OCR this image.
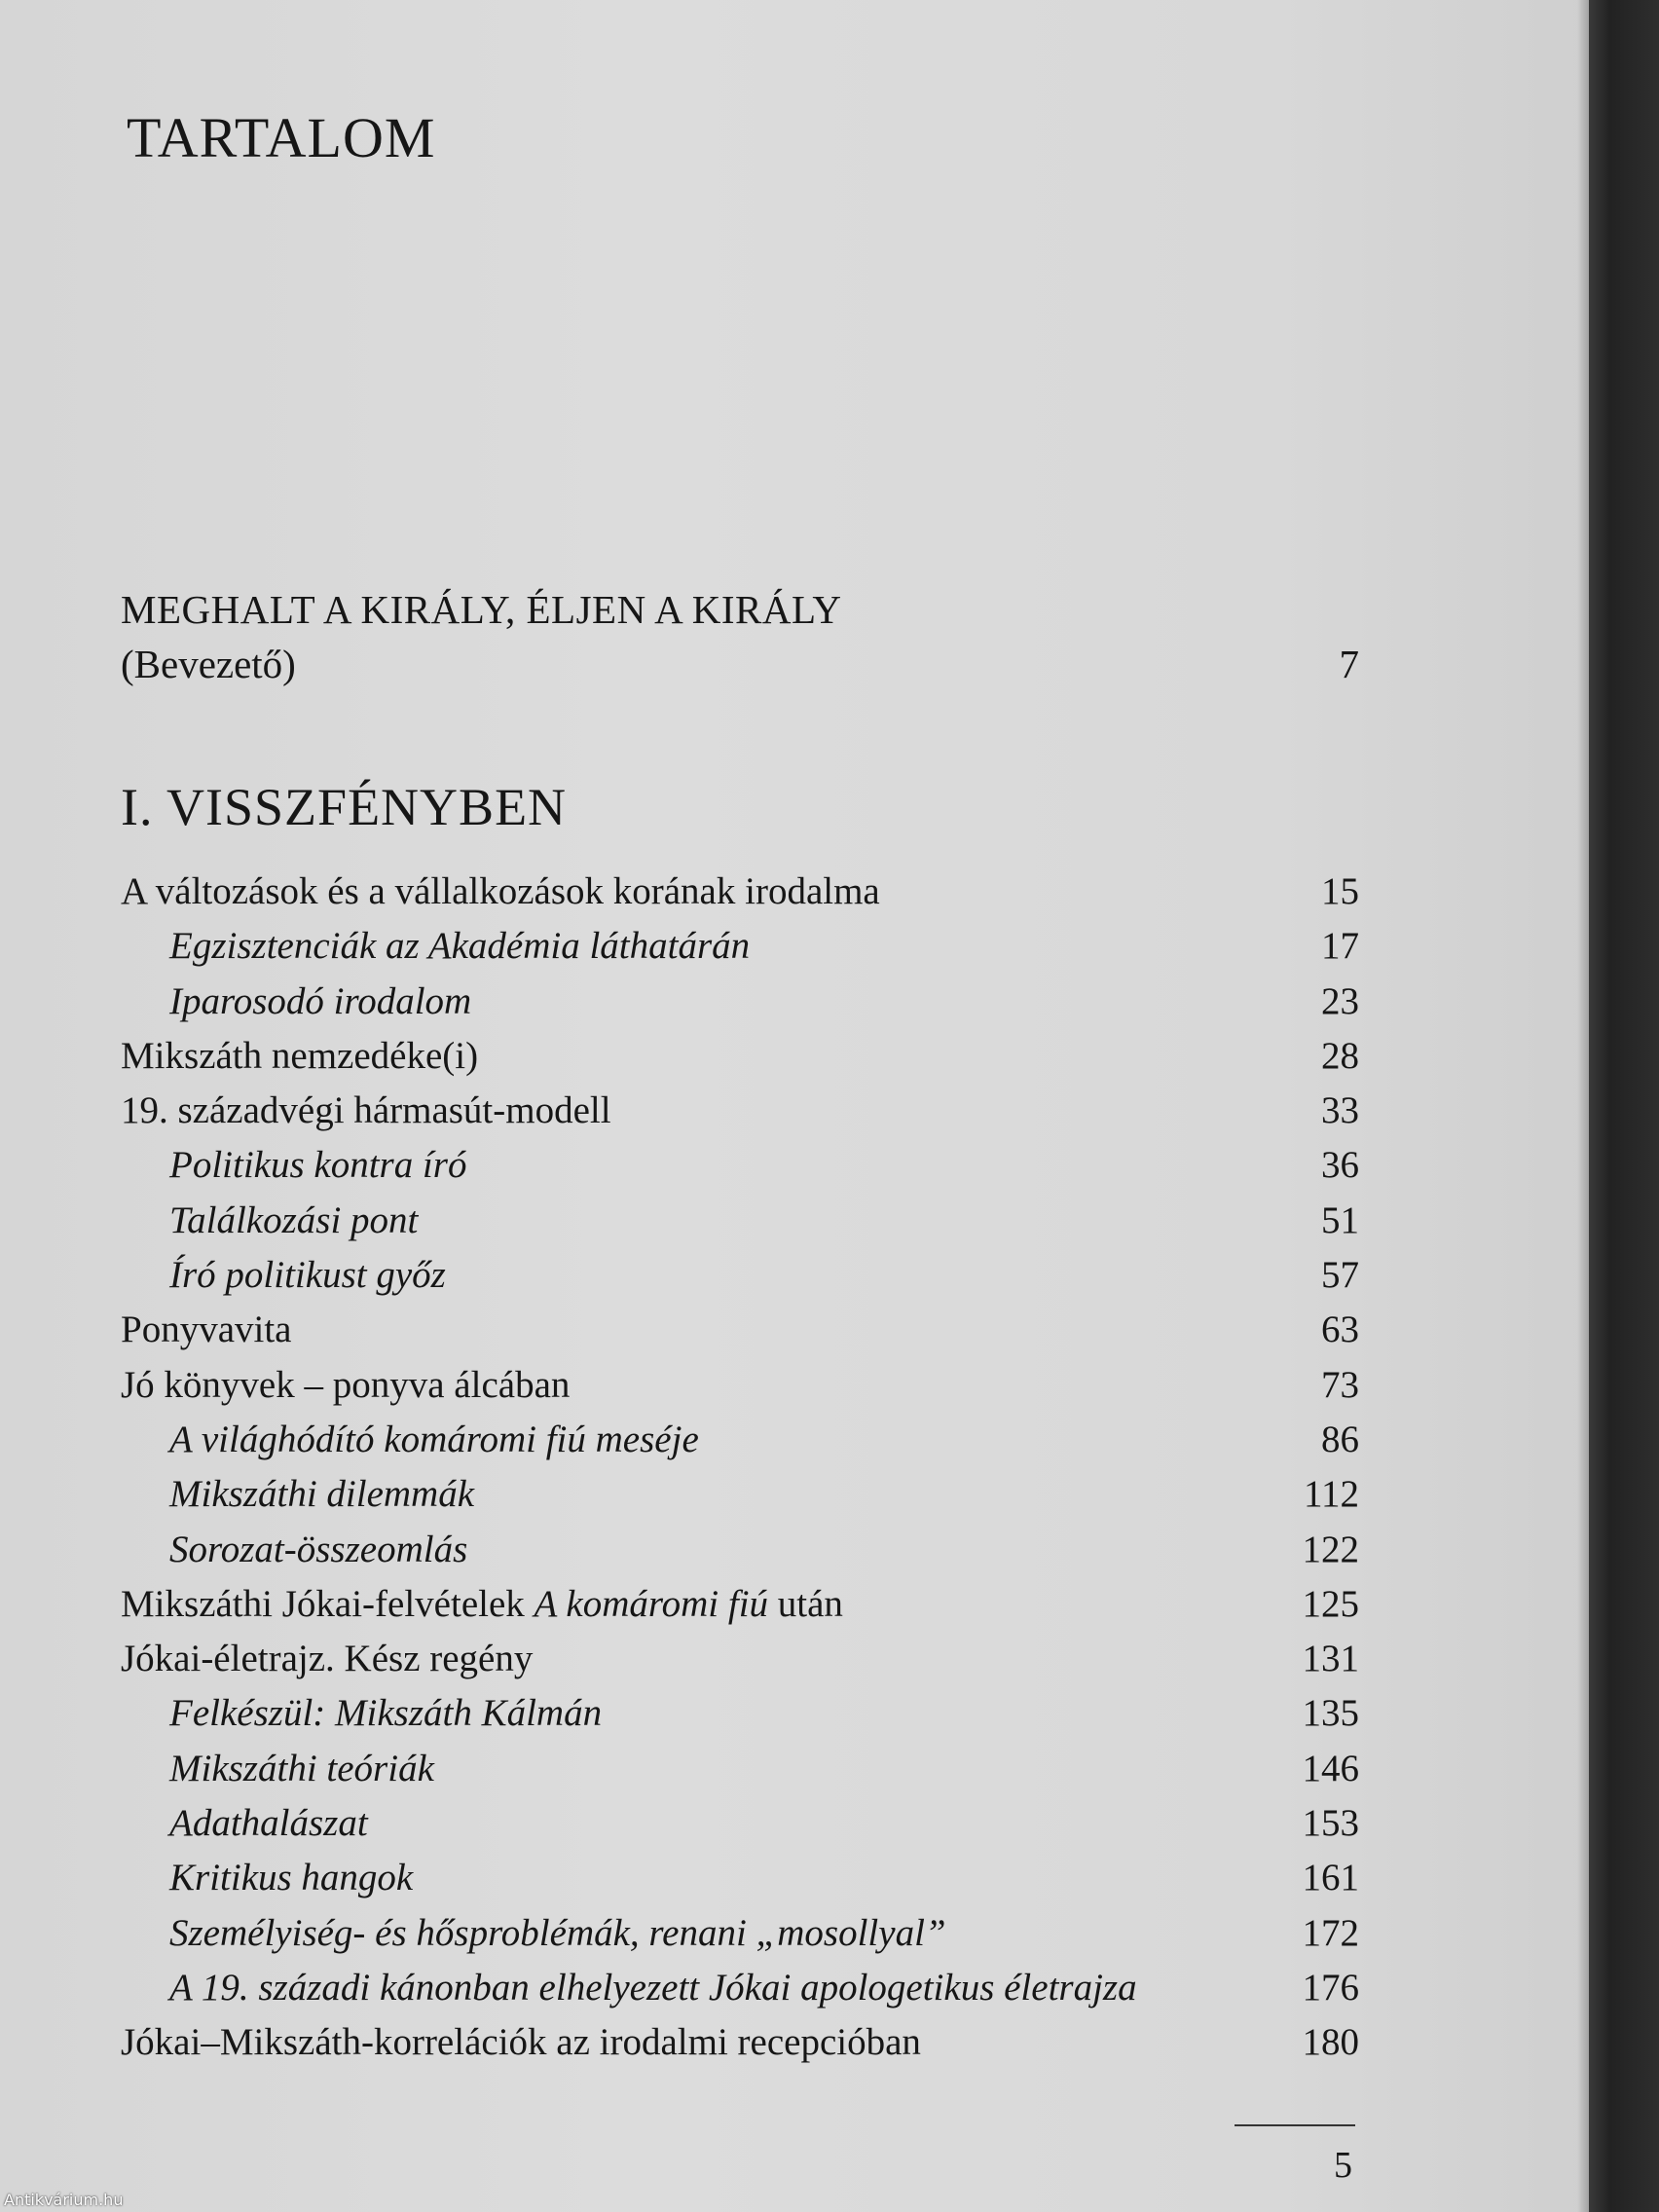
TARTALOM
MEGHALT A KIRÁLY, ÉLJEN A KIRÁLY
(Bevezető)	7
I. VISSZFÉNYBEN
A változások és a vállalkozások korának irodalma	15
Egzisztenciák az Akadémia láthatárán	17
Iparosodó irodalom	23
Mikszáth nemzedéke(i)	28
19. századvégi hármasút-modell	33
Politikus kontra író	36
Találkozási pont	51
Író politikust győz	57
Ponyvavita	63
Jó könyvek – ponyva álcában	73
A világhódító komáromi fiú meséje	86
Mikszáthi dilemmák	112
Sorozat-összeomlás	122
Mikszáthi Jókai-felvételek A komáromi fiú után	125
Jókai-életrajz. Kész regény	131
Felkészül: Mikszáth Kálmán	135
Mikszáthi teóriák	146
Adathalászat	153
Kritikus hangok	161
Személyiség- és hősproblémák, renani „mosollyal”	172
A 19. századi kánonban elhelyezett Jókai apologetikus életrajza	176
Jókai–Mikszáth-korrelációk az irodalmi recepcióban	180
5
Antikvárium.hu
